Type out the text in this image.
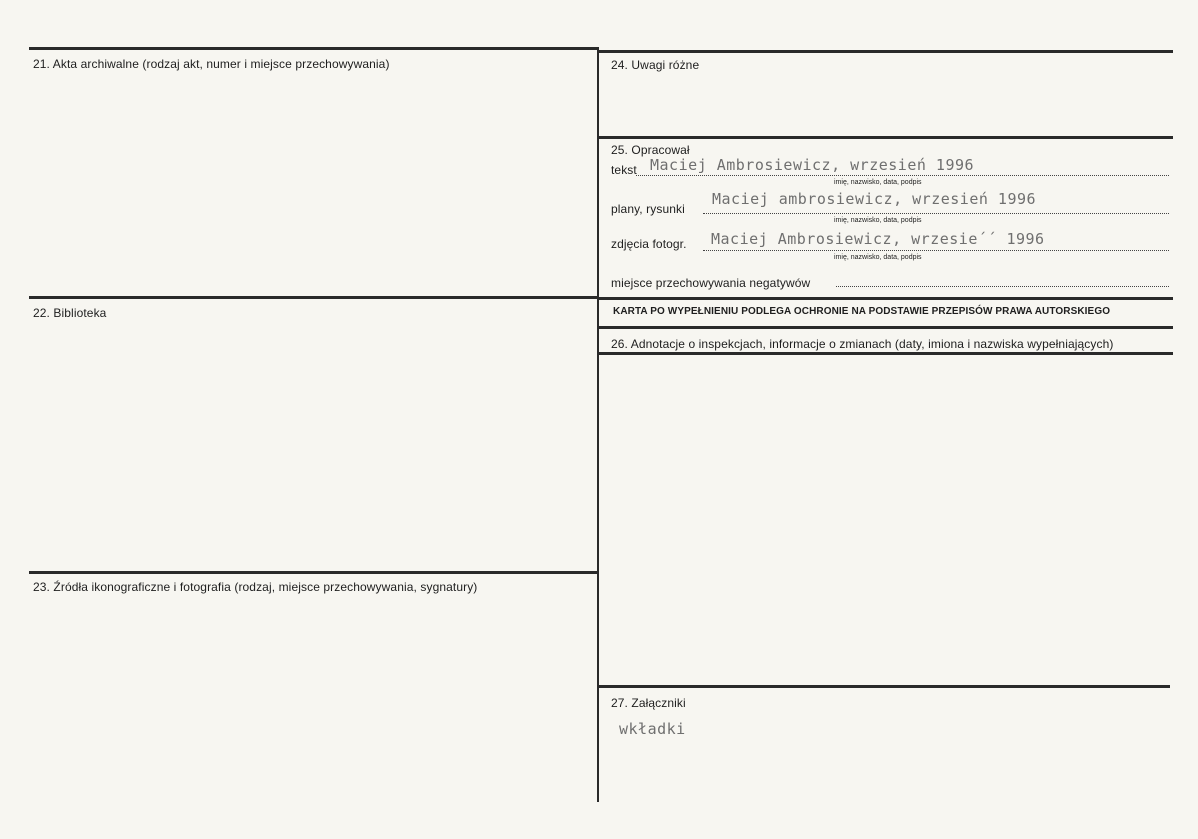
21. Akta archiwalne (rodzaj akt, numer i miejsce przechowywania)
22. Biblioteka
23. Źródła ikonograficzne i fotografia (rodzaj, miejsce przechowywania, sygnatury)
24. Uwagi różne
25. Opracował
tekst Maciej Ambrosiewicz, wrzesień 1996
imię, nazwisko, data, podpis
plany, rysunki
Maciej ambrosiewicz, wrzesień 1996
imię, nazwisko, data, podpis
zdjęcia fotogr. Maciej Ambrosiewicz, wrzesie´´ 1996
imię, nazwisko, data, podpis
miejsce przechowywania negatywów
KARTA PO WYPEŁNIENIU PODLEGA OCHRONIE NA PODSTAWIE PRZEPISÓW PRAWA AUTORSKIEGO
26. Adnotacje o inspekcjach, informacje o zmianach (daty, imiona i nazwiska wypełniających)
27. Załączniki
wkładki
